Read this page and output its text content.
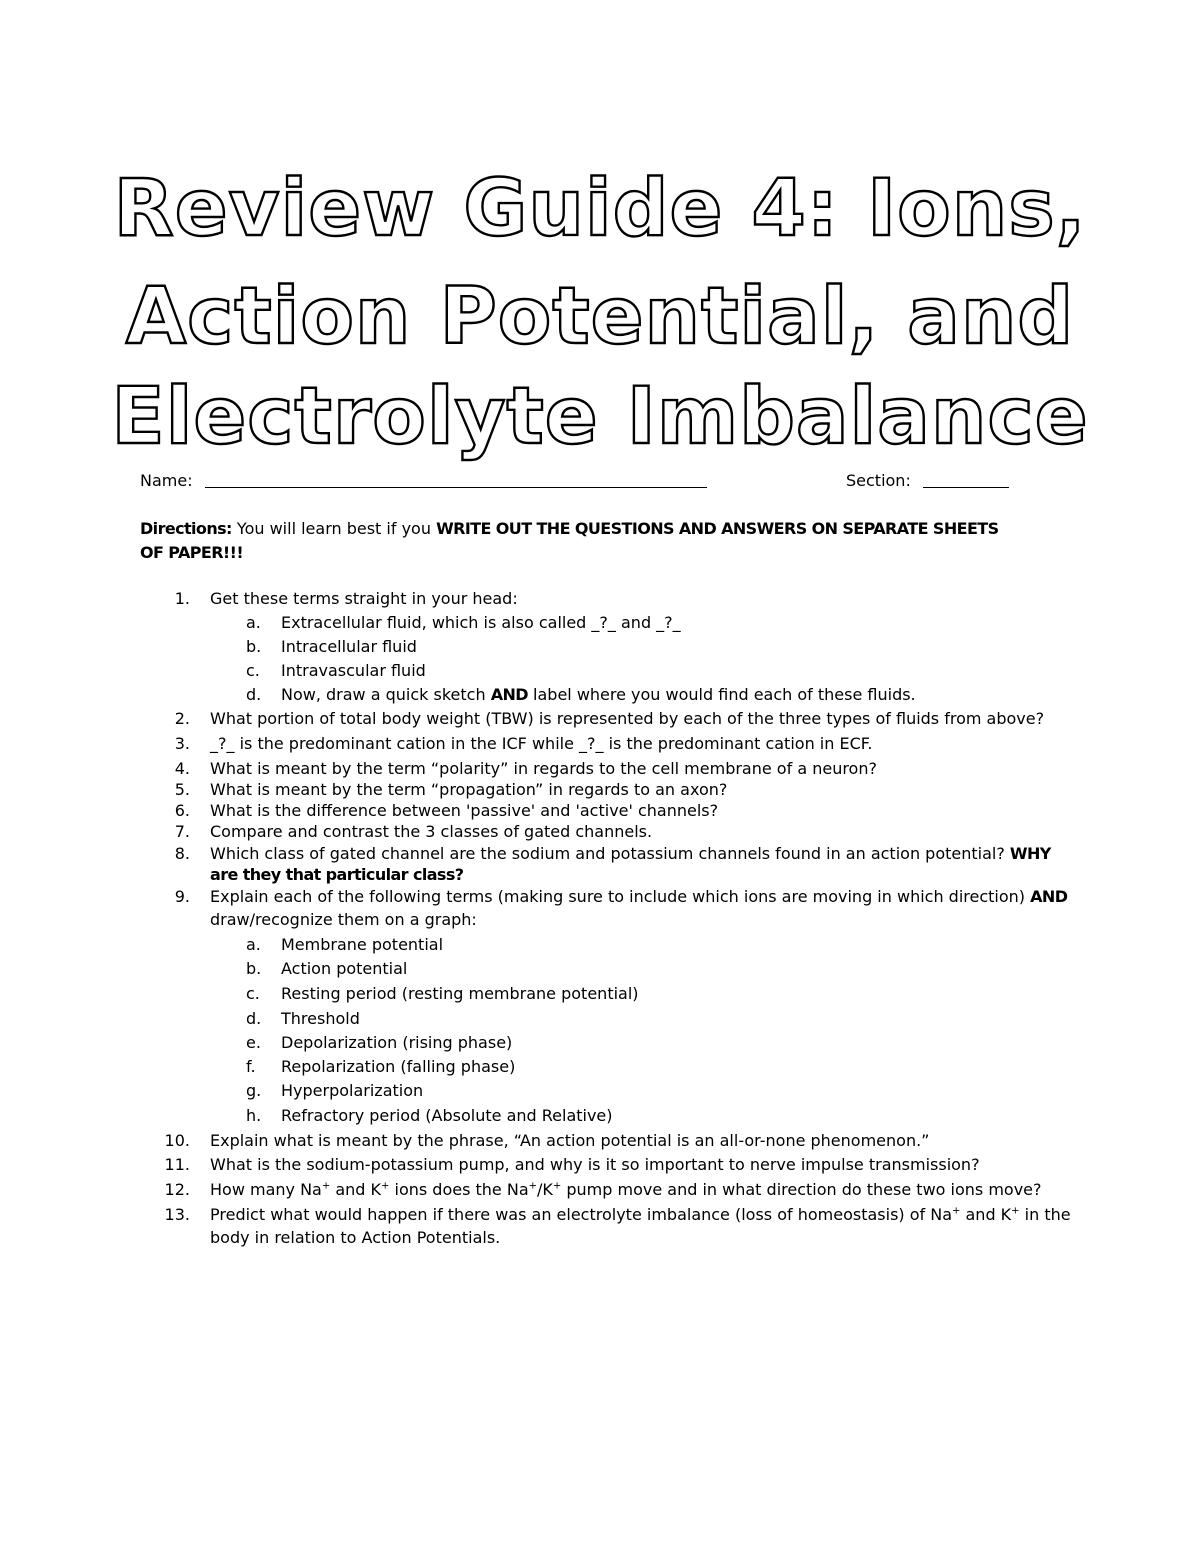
Review Guide 4: Ions,
Action Potential, and
Electrolyte Imbalance
Name:	Section:
Directions: You will learn best if you WRITE OUT THE QUESTIONS AND ANSWERS ON SEPARATE SHEETS
OF PAPER!!!
1. Get these terms straight in your head:
a.	Extracellular fluid, which is also called _?_ and _?_
b. Intracellular fluid
c.	Intravascular fluid
d. Now, draw a quick sketch AND label where you would find each of these fluids.
2. What portion of total body weight (TBW) is represented by each of the three types of fluids from above?
3. _?_ is the predominant cation in the ICF while _?_ is the predominant cation in ECF.
4. What is meant by the term “polarity” in regards to the cell membrane of a neuron?
5. What is meant by the term “propagation” in regards to an axon?
6. What is the difference between 'passive' and 'active' channels?
7. Compare and contrast the 3 classes of gated channels.
8. Which class of gated channel are the sodium and potassium channels found in an action potential? WHY
are they that particular class?
9. Explain each of the following terms (making sure to include which ions are moving in which direction) AND
draw/recognize them on a graph:
a.	Membrane potential
b. Action potential
c.	Resting period (resting membrane potential)
d. Threshold
e.	Depolarization (rising phase)
f.	Repolarization (falling phase)
g. Hyperpolarization
h. Refractory period (Absolute and Relative)
10. Explain what is meant by the phrase, “An action potential is an all-or-none phenomenon.”
11. What is the sodium-potassium pump, and why is it so important to nerve impulse transmission?
12. How many Na+ and K+ ions does the Na+/K+ pump move and in what direction do these two ions move?
13. Predict what would happen if there was an electrolyte imbalance (loss of homeostasis) of Na+ and K+ in the
body in relation to Action Potentials.
